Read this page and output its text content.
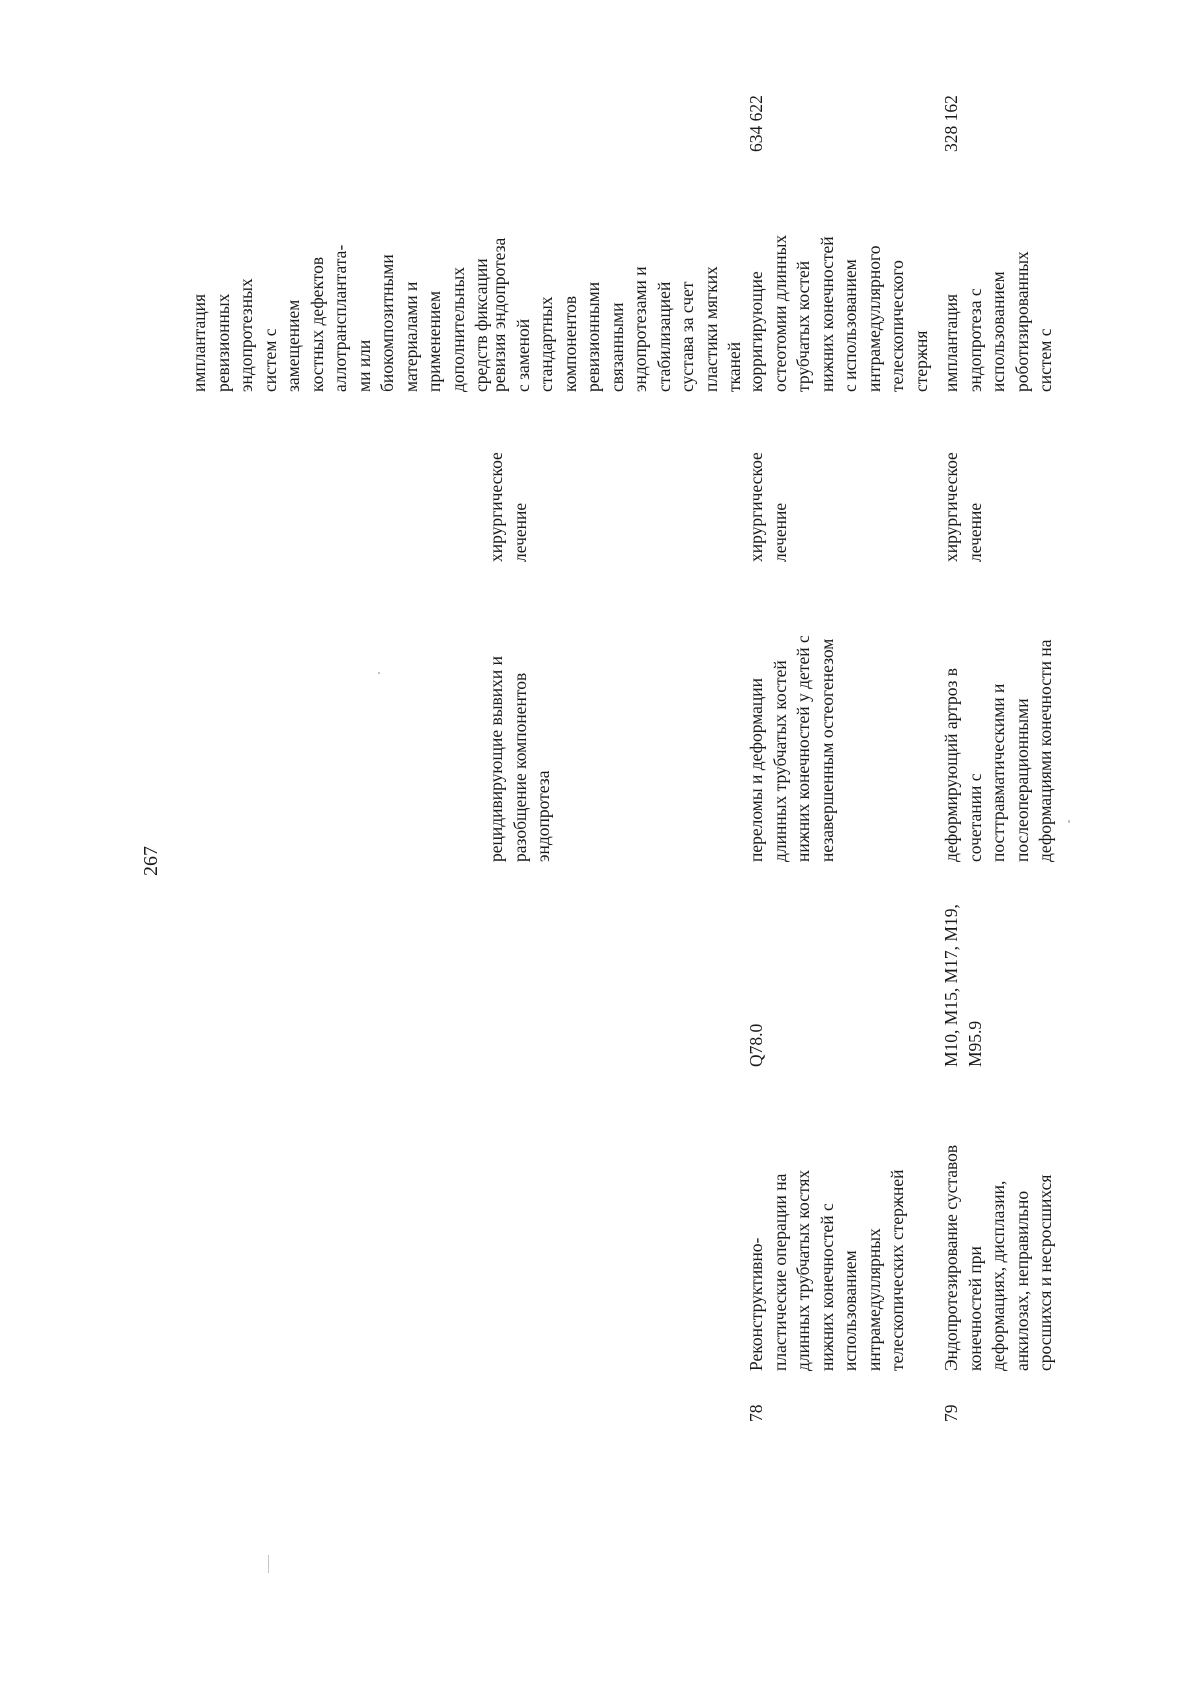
267	рецидивирующие вывихи и
разобщение компонентов
эндопротеза
хирургическое
лечение
имплантация
ревизионных
эндопротезных
систем с
замещением
костных дефектов
аллотрансплантата-
ми или
биокомпозитными
материалами и
применением
дополнительных
средств фиксации
ревизия эндопротеза
с заменой
стандартных
компонентов
ревизионными
связанными
эндопротезами и
стабилизацией
сустава за счет
пластики мягких
тканей
78
Реконструктивно-
пластические операции на
длинных трубчатых костях
нижних конечностей с
использованием
интрамедуллярных
телескопических стержней
Q78.0
переломы и деформации
длинных трубчатых костей
нижних конечностей у детей с
незавершенным остеогенезом
хирургическое
лечение
корригирующие
остеотомии длинных
трубчатых костей
нижних конечностей
с использованием
интрамедуллярного
телескопического
стержня
634 622
79
Эндопротезирование суставов
конечностей при
деформациях, дисплазии,
анкилозах, неправильно
сросшихся и несросшихся
M10, M15, M17, M19,
M95.9
деформирующий артроз в
сочетании с
посттравматическими и
послеоперационными
деформациями конечности на
хирургическое
лечение
имплантация
эндопротеза с
использованием
роботизированных
систем с
328 162
